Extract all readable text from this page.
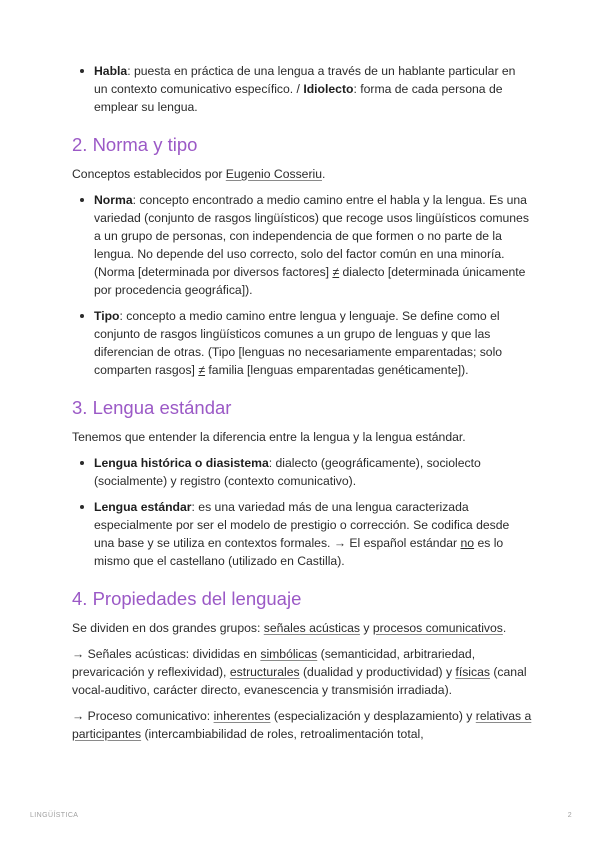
Habla: puesta en práctica de una lengua a través de un hablante particular en un contexto comunicativo específico. / Idiolecto: forma de cada persona de emplear su lengua.
2. Norma y tipo

Conceptos establecidos por Eugenio Cosseriu.

Norma: concepto encontrado a medio camino entre el habla y la lengua. Es una variedad (conjunto de rasgos lingüísticos) que recoge usos lingüísticos comunes a un grupo de personas, con independencia de que formen o no parte de la lengua. No depende del uso correcto, solo del factor común en una minoría. (Norma [determinada por diversos factores] ≠ dialecto [determinada únicamente por procedencia geográfica]).
Tipo: concepto a medio camino entre lengua y lenguaje. Se define como el conjunto de rasgos lingüísticos comunes a un grupo de lenguas y que las diferencian de otras. (Tipo [lenguas no necesariamente emparentadas; solo comparten rasgos] ≠ familia [lenguas emparentadas genéticamente]).
3. Lengua estándar

Tenemos que entender la diferencia entre la lengua y la lengua estándar.

Lengua histórica o diasistema: dialecto (geográficamente), sociolecto (socialmente) y registro (contexto comunicativo).
Lengua estándar: es una variedad más de una lengua caracterizada especialmente por ser el modelo de prestigio o corrección. Se codifica desde una base y se utiliza en contextos formales. → El español estándar no es lo mismo que el castellano (utilizado en Castilla).
4. Propiedades del lenguaje

Se dividen en dos grandes grupos: señales acústicas y procesos comunicativos.

→ Señales acústicas: divididas en simbólicas (semanticidad, arbitrariedad, prevaricación y reflexividad), estructurales (dualidad y productividad) y físicas (canal vocal-auditivo, carácter directo, evanescencia y transmisión irradiada).

→ Proceso comunicativo: inherentes (especialización y desplazamiento) y relativas a participantes (intercambiabilidad de roles, retroalimentación total,

LINGÜÍSTICA	2
